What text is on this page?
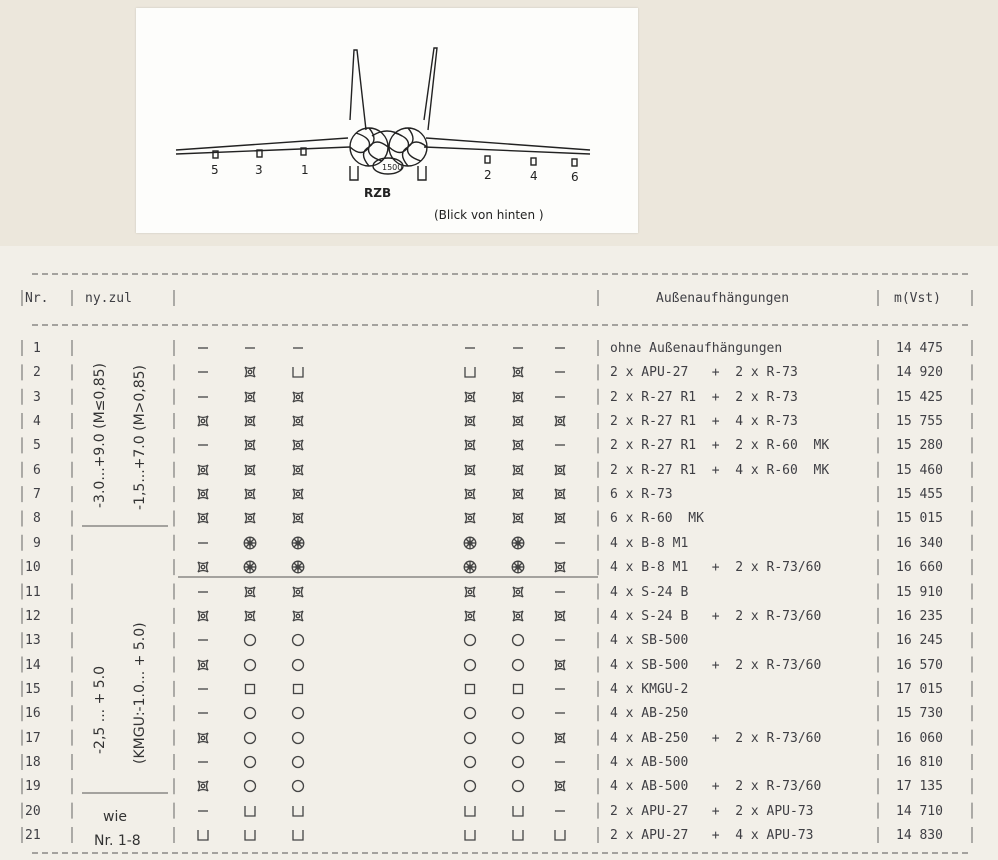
5	3	1	2	4	6
1500
RZB
(Blick von hinten )
Nr.	ny.zul	Außenaufhängungen	m(Vst)
1	ohne Außenaufhängungen	14 475
2	2 x APU-27   +  2 x R-73	14 920
3	2 x R-27 R1  +  2 x R-73	15 425
4	2 x R-27 R1  +  4 x R-73	15 755
5	2 x R-27 R1  +  2 x R-60  MK	15 280
6	2 x R-27 R1  +  4 x R-60  MK	15 460
7	6 x R-73	15 455
8	6 x R-60  MK	15 015
9	4 x B-8 M1	16 340
10	4 x B-8 M1   +  2 x R-73/60	16 660
11	4 x S-24 B	15 910
12	4 x S-24 B   +  2 x R-73/60	16 235
13	4 x SB-500	16 245
14	4 x SB-500   +  2 x R-73/60	16 570
15	4 x KMGU-2	17 015
16	4 x AB-250	15 730
17	4 x AB-250   +  2 x R-73/60	16 060
18	4 x AB-500	16 810
19	4 x AB-500   +  2 x R-73/60	17 135
20	2 x APU-27   +  2 x APU-73	14 710
21	2 x APU-27   +  4 x APU-73	14 830
-3.0...+9.0 (M≤0,85) -1,5...+7.0 (M>0,85)
-2,5 ... + 5.0 (KMGU:-1.0... + 5.0)
wie
Nr. 1-8
